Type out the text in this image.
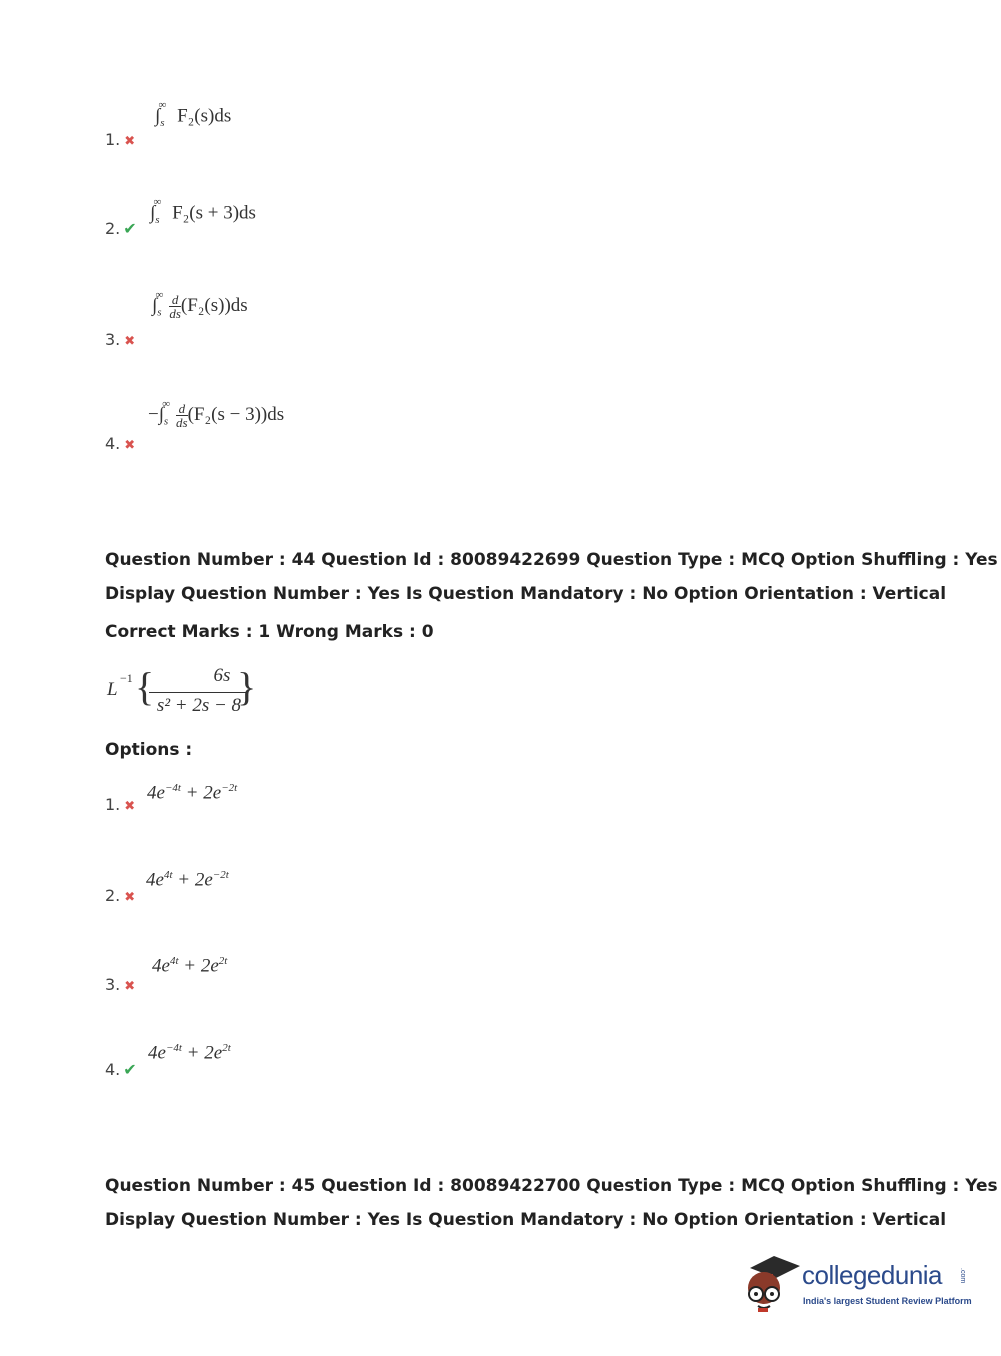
1. ✖
$\int_s^\infty$ F₂(s)ds
2. ✔
$\int_s^\infty$ F₂(s + 3)ds
3. ✖
$\int_s^\infty \frac{d}{ds} (F_2(s))ds$
4. ✖
$-\int_s^\infty \frac{d}{ds} (F_2(s - 3))ds$
Question Number : 44 Question Id : 80089422699 Question Type : MCQ Option Shuffling : Yes
Display Question Number : Yes Is Question Mandatory : No Option Orientation : Vertical
Correct Marks : 1 Wrong Marks : 0
L
−1 {	6s
s² + 2s − 8
}
Options :
1. ✖
$4e^{-4t} + 2e^{-2t}$
2. ✖
$4e^{4t} + 2e^{-2t}$
3. ✖
$4e^{4t} + 2e^{2t}$
4. ✔
$4e^{-4t} + 2e^{2t}$
Question Number : 45 Question Id : 80089422700 Question Type : MCQ Option Shuffling : Yes
Display Question Number : Yes Is Question Mandatory : No Option Orientation : Vertical
collegedunia .com
India's largest Student Review Platform
